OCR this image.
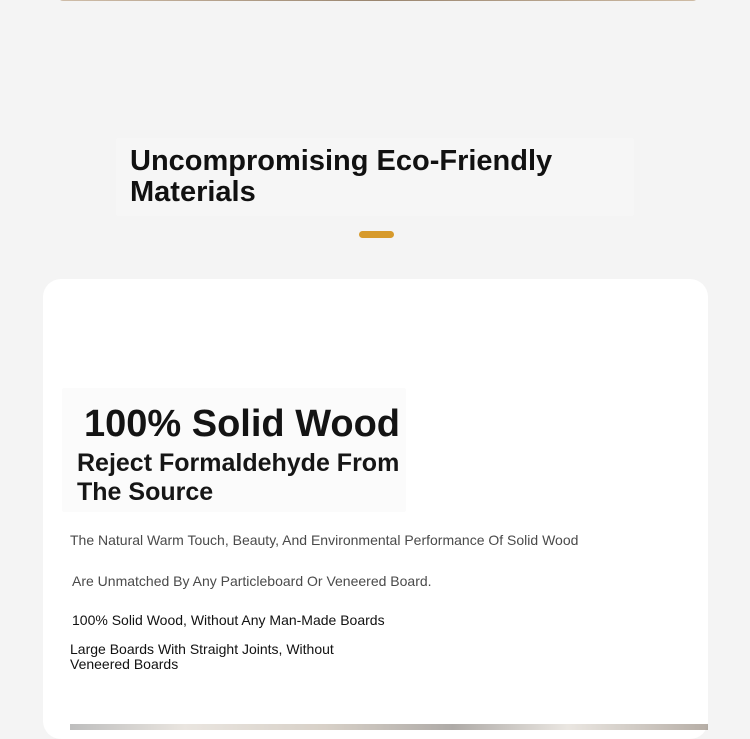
Uncompromising Eco-Friendly Materials
100% Solid Wood
Reject Formaldehyde From The Source
The Natural Warm Touch, Beauty, And Environmental Performance Of Solid Wood
Are Unmatched By Any Particleboard Or Veneered Board.
100% Solid Wood, Without Any Man-Made Boards
Large Boards With Straight Joints, Without Veneered Boards
